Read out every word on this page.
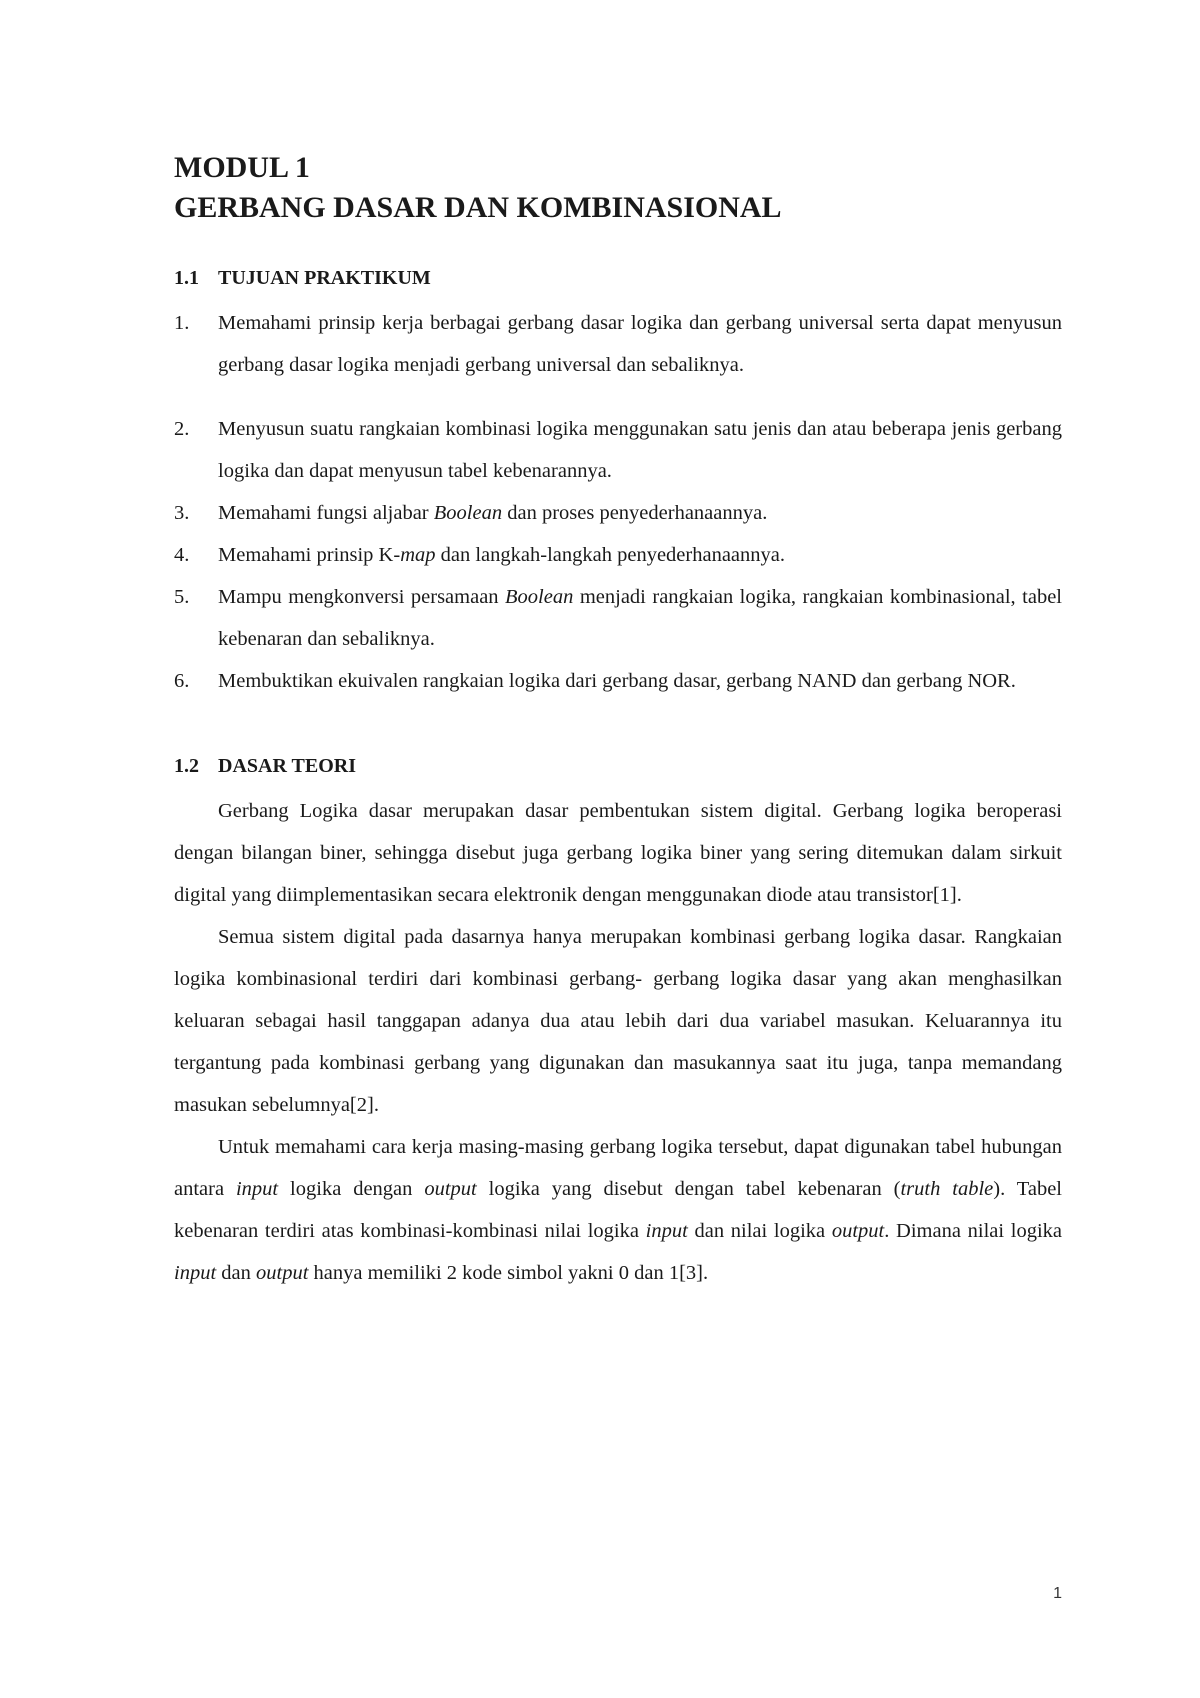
MODUL 1
GERBANG DASAR DAN KOMBINASIONAL
1.1 TUJUAN PRAKTIKUM
1. Memahami prinsip kerja berbagai gerbang dasar logika dan gerbang universal serta dapat menyusun gerbang dasar logika menjadi gerbang universal dan sebaliknya.
2. Menyusun suatu rangkaian kombinasi logika menggunakan satu jenis dan atau beberapa jenis gerbang logika dan dapat menyusun tabel kebenarannya.
3. Memahami fungsi aljabar Boolean dan proses penyederhanaannya.
4. Memahami prinsip K-map dan langkah-langkah penyederhanaannya.
5. Mampu mengkonversi persamaan Boolean menjadi rangkaian logika, rangkaian kombinasional, tabel kebenaran dan sebaliknya.
6. Membuktikan ekuivalen rangkaian logika dari gerbang dasar, gerbang NAND dan gerbang NOR.
1.2 DASAR TEORI

Gerbang Logika dasar merupakan dasar pembentukan sistem digital. Gerbang logika beroperasi dengan bilangan biner, sehingga disebut juga gerbang logika biner yang sering ditemukan dalam sirkuit digital yang diimplementasikan secara elektronik dengan menggunakan diode atau transistor[1].

Semua sistem digital pada dasarnya hanya merupakan kombinasi gerbang logika dasar. Rangkaian logika kombinasional terdiri dari kombinasi gerbang- gerbang logika dasar yang akan menghasilkan keluaran sebagai hasil tanggapan adanya dua atau lebih dari dua variabel masukan. Keluarannya itu tergantung pada kombinasi gerbang yang digunakan dan masukannya saat itu juga, tanpa memandang masukan sebelumnya[2].

Untuk memahami cara kerja masing-masing gerbang logika tersebut, dapat digunakan tabel hubungan antara input logika dengan output logika yang disebut dengan tabel kebenaran (truth table). Tabel kebenaran terdiri atas kombinasi-kombinasi nilai logika input dan nilai logika output. Dimana nilai logika input dan output hanya memiliki 2 kode simbol yakni 0 dan 1[3].

1
